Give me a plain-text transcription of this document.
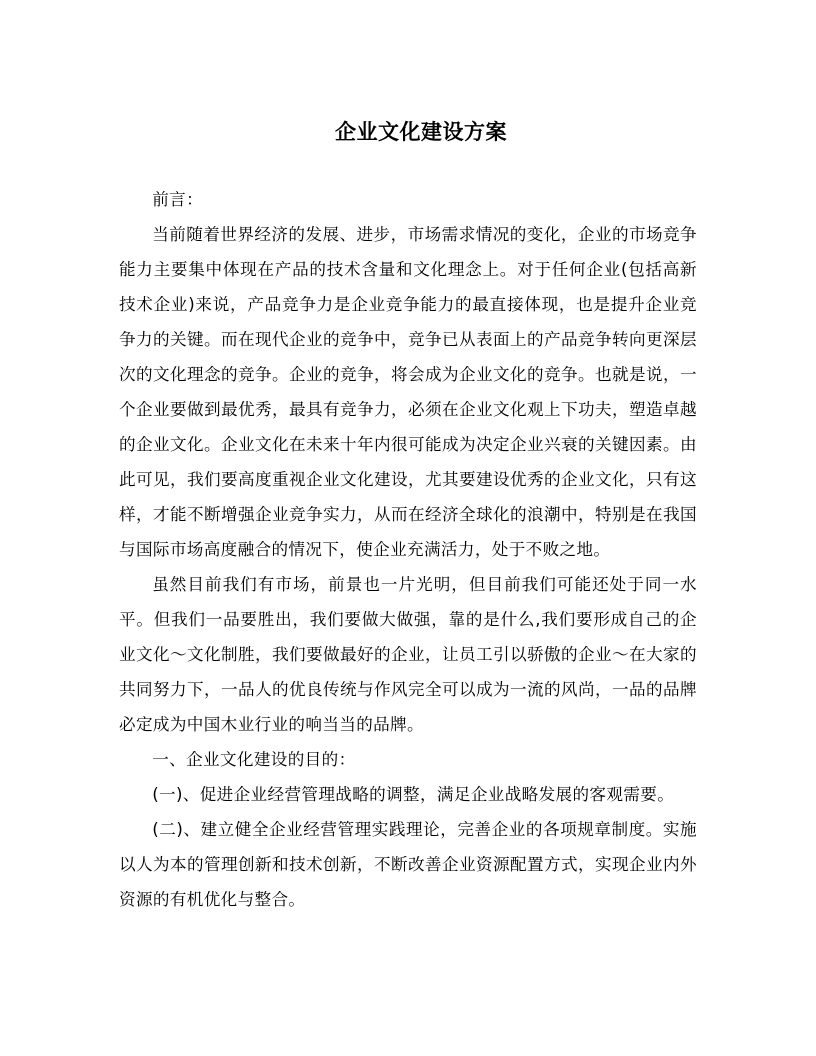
企业文化建设方案

前言：

当前随着世界经济的发展、进步，市场需求情况的变化，企业的市场竞争能力主要集中体现在产品的技术含量和文化理念上。对于任何企业(包括高新技术企业)来说，产品竞争力是企业竞争能力的最直接体现，也是提升企业竞争力的关键。而在现代企业的竞争中，竞争已从表面上的产品竞争转向更深层次的文化理念的竞争。企业的竞争，将会成为企业文化的竞争。也就是说，一个企业要做到最优秀，最具有竞争力，必须在企业文化观上下功夫，塑造卓越的企业文化。企业文化在未来十年内很可能成为决定企业兴衰的关键因素。由此可见，我们要高度重视企业文化建设，尤其要建设优秀的企业文化，只有这样，才能不断增强企业竞争实力，从而在经济全球化的浪潮中，特别是在我国与国际市场高度融合的情况下，使企业充满活力，处于不败之地。

虽然目前我们有市场，前景也一片光明，但目前我们可能还处于同一水平。但我们一品要胜出，我们要做大做强，靠的是什么,我们要形成自己的企业文化～文化制胜，我们要做最好的企业，让员工引以骄傲的企业～在大家的共同努力下，一品人的优良传统与作风完全可以成为一流的风尚，一品的品牌必定成为中国木业行业的响当当的品牌。

一、企业文化建设的目的：

(一)、促进企业经营管理战略的调整，满足企业战略发展的客观需要。

(二)、建立健全企业经营管理实践理论，完善企业的各项规章制度。实施以人为本的管理创新和技术创新，不断改善企业资源配置方式，实现企业内外资源的有机优化与整合。
